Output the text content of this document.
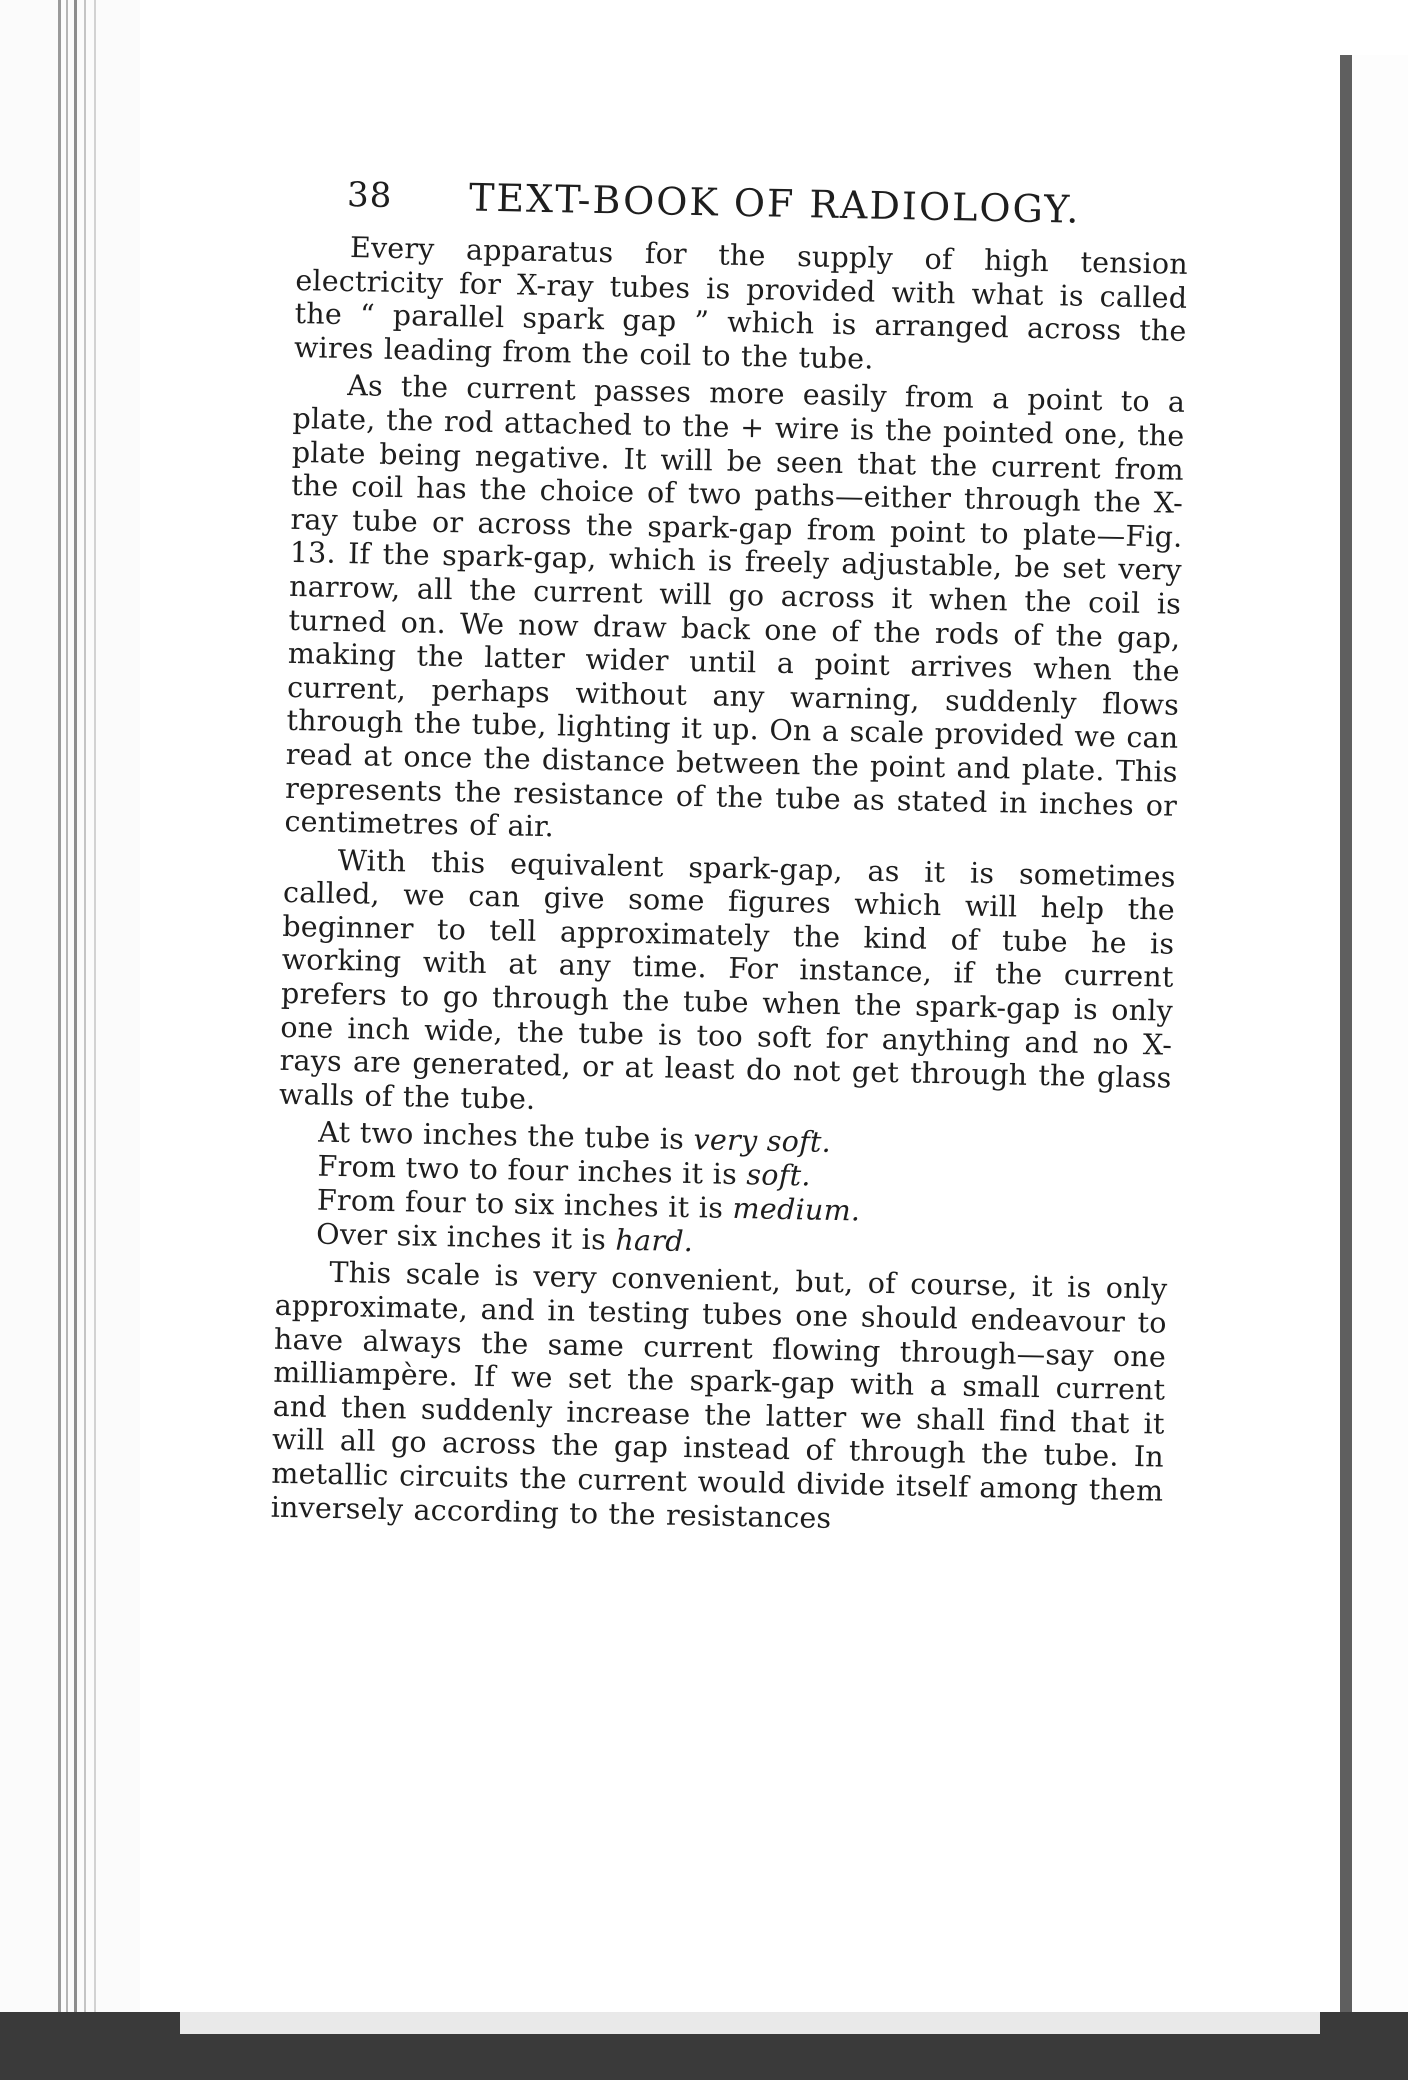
38 TEXT-BOOK OF RADIOLOGY.

Every apparatus for the supply of high tension electricity for X-ray tubes is provided with what is called the “ parallel spark gap ” which is arranged across the wires leading from the coil to the tube.

As the current passes more easily from a point to a plate, the rod attached to the + wire is the pointed one, the plate being negative. It will be seen that the current from the coil has the choice of two paths—either through the X-ray tube or across the spark-gap from point to plate—Fig. 13. If the spark-gap, which is freely adjustable, be set very narrow, all the current will go across it when the coil is turned on. We now draw back one of the rods of the gap, making the latter wider until a point arrives when the current, perhaps without any warning, suddenly flows through the tube, lighting it up. On a scale provided we can read at once the distance between the point and plate. This represents the resistance of the tube as stated in inches or centimetres of air.

With this equivalent spark-gap, as it is sometimes called, we can give some figures which will help the beginner to tell approximately the kind of tube he is working with at any time. For instance, if the current prefers to go through the tube when the spark-gap is only one inch wide, the tube is too soft for anything and no X-rays are generated, or at least do not get through the glass walls of the tube.

At two inches the tube is very soft.

From two to four inches it is soft.

From four to six inches it is medium.

Over six inches it is hard.

This scale is very convenient, but, of course, it is only approximate, and in testing tubes one should endeavour to have always the same current flowing through—say one milliampère. If we set the spark-gap with a small current and then suddenly increase the latter we shall find that it will all go across the gap instead of through the tube. In metallic circuits the current would divide itself among them inversely according to the resistances
